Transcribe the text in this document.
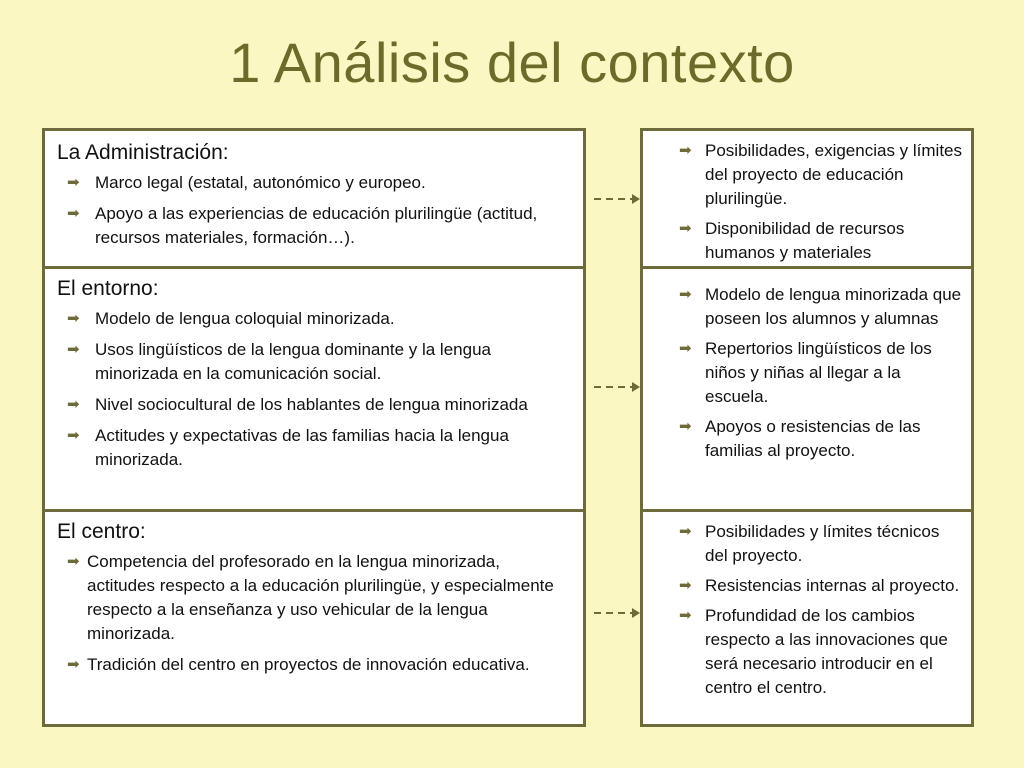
1 Análisis del contexto
La Administración:
➡ Marco legal (estatal, autonómico y europeo.
➡ Apoyo a las experiencias de educación plurilingüe (actitud, recursos materiales, formación…).
El entorno:
➡ Modelo de lengua coloquial minorizada.
➡ Usos lingüísticos de la lengua dominante y la lengua minorizada en la comunicación social.
➡ Nivel sociocultural de los hablantes de lengua minorizada
➡ Actitudes y expectativas de las familias hacia la lengua minorizada.
El centro:
➡ Competencia del profesorado en la lengua minorizada, actitudes respecto a la educación plurilingüe, y especialmente respecto a la enseñanza y uso vehicular de la lengua minorizada.
➡ Tradición del centro en proyectos de innovación educativa.
➡ Posibilidades, exigencias y límites del proyecto de educación plurilingüe.
➡ Disponibilidad de recursos humanos y materiales
➡ Modelo de lengua minorizada que poseen los alumnos y alumnas
➡ Repertorios lingüísticos de los niños y niñas al llegar a la escuela.
➡ Apoyos o resistencias de las familias al proyecto.
➡ Posibilidades y límites técnicos del proyecto.
➡ Resistencias internas al proyecto.
➡ Profundidad de los cambios respecto a las innovaciones que será necesario introducir en el centro el centro.
